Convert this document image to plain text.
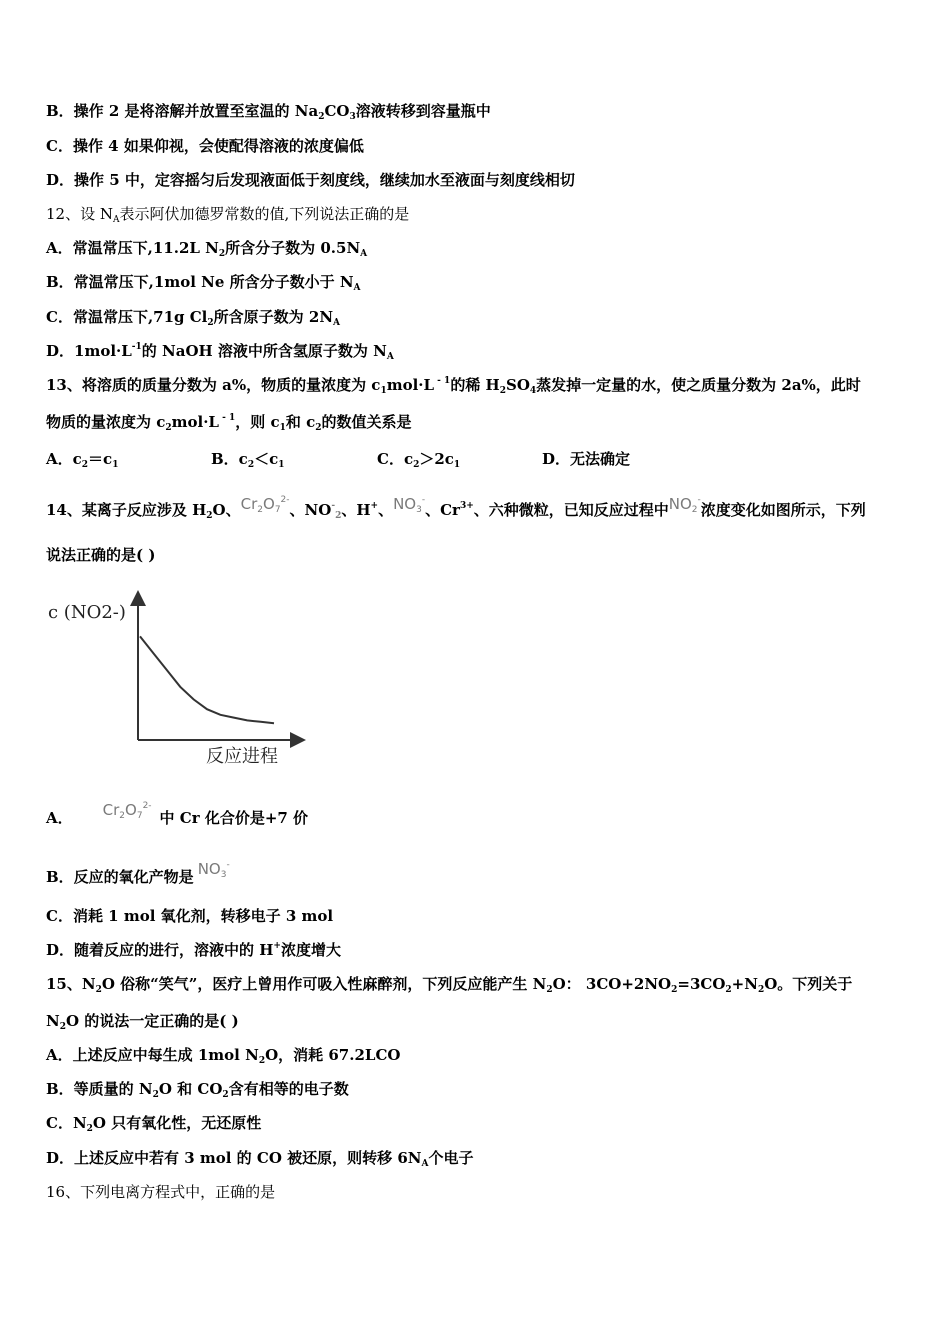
B．操作 2 是将溶解并放置至室温的 $Na_2CO_3$溶液转移到容量瓶中
C．操作 4 如果仰视，会使配得溶液的浓度偏低
D．操作 5 中，定容摇匀后发现液面低于刻度线，继续加水至液面与刻度线相切
12、设 $N_A$表示阿伏加德罗常数的值,下列说法正确的是
A．常温常压下,11.2L $N_2$所含分子数为 $0.5N_A$
B．常温常压下,1mol Ne 所含分子数小于 $N_A$
C．常温常压下,71g $Cl_2$所含原子数为 $2N_A$
D．$1mol\cdot L^{-1}$的 NaOH 溶液中所含氢原子数为 $N_A$
13、将溶质的质量分数为 a%，物质的量浓度为 $c_1mol\cdot L$ $^{- 1}$的稀 $H_2SO_4$蒸发掉一定量的水，使之质量分数为 2a%，此时
物质的量浓度为 $c_2mol\cdot L$ $^{- 1}$，则 $c_1$和 $c_2$的数值关系是
A．$c_2=c_1$	B．$c_2<c_1$	C．$c_2>2c_1$	D．无法确定
14、某离子反应涉及 $H_2O$、$Cr_2O_7^{2-}$、$NO^-_2$、H+、$NO_3^-$、$Cr^{3+}$、六种微粒，已知反应过程中$NO_2^-$浓度变化如图所示，下列
说法正确的是( )
c (NO2-)
反应进程
A． $Cr_2O_7^{2-}$中 Cr 化合价是+7 价
B．反应的氧化产物是 $NO_3^-$
C．消耗 1 mol 氧化剂，转移电子 3 mol
D．随着反应的进行，溶液中的 H+浓度增大
15、$N_2O$ 俗称“笑气”，医疗上曾用作可吸入性麻醉剂，下列反应能产生 $N_2O$： $3CO+2NO_2=3CO_2+N_2O$。下列关于
$N_2O$ 的说法一定正确的是( )
A．上述反应中每生成 1mol $N_2O$，消耗 67.2LCO
B．等质量的 $N_2O$ 和 $CO_2$含有相等的电子数
C．$N_2O$ 只有氧化性，无还原性
D．上述反应中若有 3 mol 的 CO 被还原，则转移 $6N_A$个电子
16、下列电离方程式中，正确的是
